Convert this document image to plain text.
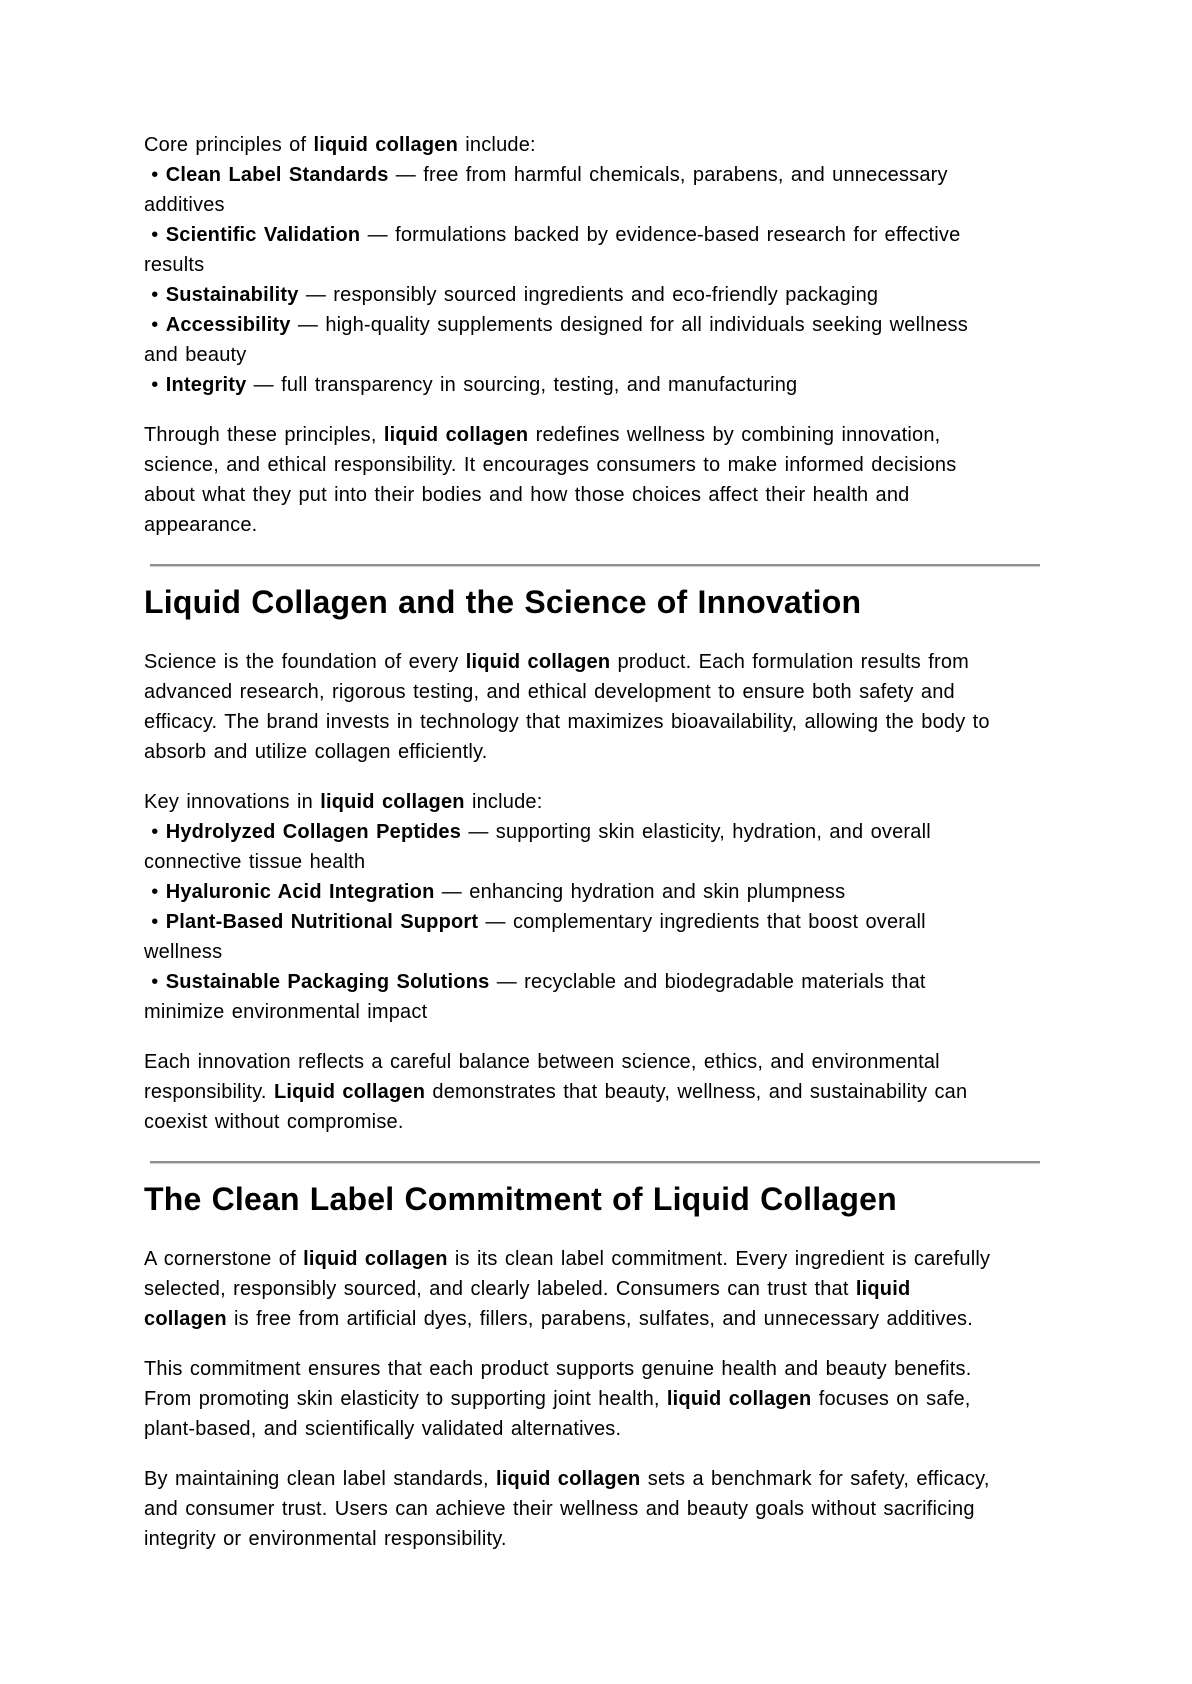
Core principles of liquid collagen include:
• Clean Label Standards — free from harmful chemicals, parabens, and unnecessary
additives
• Scientific Validation — formulations backed by evidence-based research for effective
results
• Sustainability — responsibly sourced ingredients and eco-friendly packaging
• Accessibility — high-quality supplements designed for all individuals seeking wellness
and beauty
• Integrity — full transparency in sourcing, testing, and manufacturing

Through these principles, liquid collagen redefines wellness by combining innovation,
science, and ethical responsibility. It encourages consumers to make informed decisions
about what they put into their bodies and how those choices affect their health and
appearance.

Liquid Collagen and the Science of Innovation

Science is the foundation of every liquid collagen product. Each formulation results from
advanced research, rigorous testing, and ethical development to ensure both safety and
efficacy. The brand invests in technology that maximizes bioavailability, allowing the body to
absorb and utilize collagen efficiently.

Key innovations in liquid collagen include:
• Hydrolyzed Collagen Peptides — supporting skin elasticity, hydration, and overall
connective tissue health
• Hyaluronic Acid Integration — enhancing hydration and skin plumpness
• Plant-Based Nutritional Support — complementary ingredients that boost overall
wellness
• Sustainable Packaging Solutions — recyclable and biodegradable materials that
minimize environmental impact

Each innovation reflects a careful balance between science, ethics, and environmental
responsibility. Liquid collagen demonstrates that beauty, wellness, and sustainability can
coexist without compromise.

The Clean Label Commitment of Liquid Collagen

A cornerstone of liquid collagen is its clean label commitment. Every ingredient is carefully
selected, responsibly sourced, and clearly labeled. Consumers can trust that liquid
collagen is free from artificial dyes, fillers, parabens, sulfates, and unnecessary additives.

This commitment ensures that each product supports genuine health and beauty benefits.
From promoting skin elasticity to supporting joint health, liquid collagen focuses on safe,
plant-based, and scientifically validated alternatives.

By maintaining clean label standards, liquid collagen sets a benchmark for safety, efficacy,
and consumer trust. Users can achieve their wellness and beauty goals without sacrificing
integrity or environmental responsibility.
